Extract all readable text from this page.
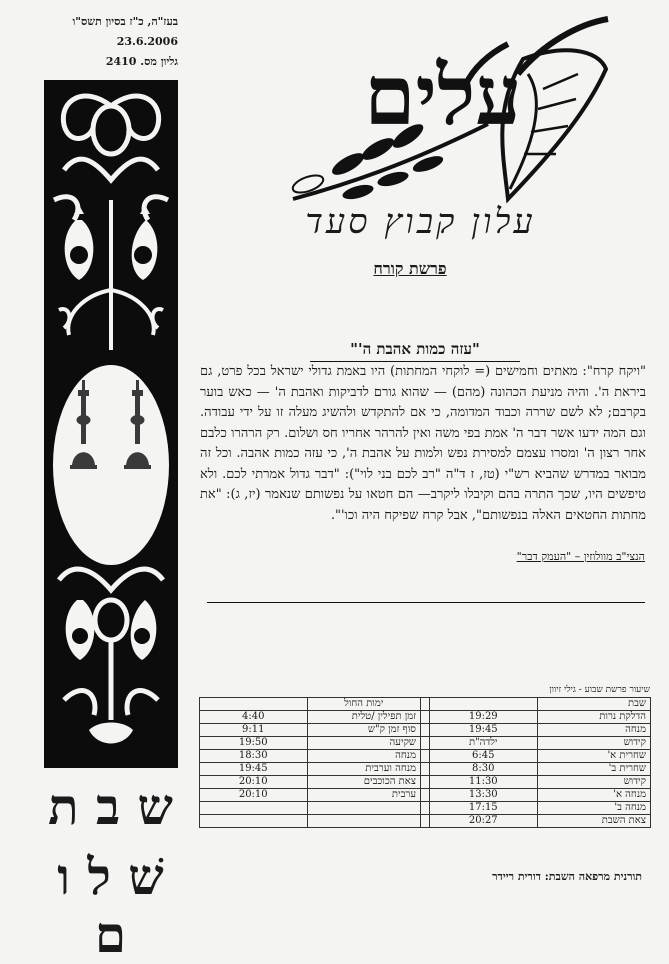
בעז"ה, כ"ז בסיון תשס"ו
23.6.2006
גליון מס. 2410
ש ב ת
שׁ ל ו ם
עלים
עלון קבוץ סעד
פרשת קורח
"עזה כמות אהבת ה'"
"ויקח קרח": מאתים וחמישים (= לוקחי המחתות) היו באמת גדולי ישראל בכל פרט, גם ביראת ה'. והיה מניעת הכהונה (מהם) — שהוא גורם לדביקות ואהבת ה' — כאש בוער בקרבם; לא לשם שררה וכבוד המדומה, כי אם להתקדש ולהשיג מעלה זו על ידי עבודה. וגם המה ידעו אשר דבר ה' אמת בפי משה ואין להרהר אחריו חס ושלום. רק הרהרו כלבם אחר רצון ה' ומסרו עצמם למסירת נפש ולמות על אהבת ה', כי עזה כמות אהבה. וכל זה מבואר במדרש שהביא רש"י (טז, ז ד"ה "רב לכם בני לוי"): "דבר גדול אמרתי לכם. ולא טיפשים היו, שכך התרה בהם וקיבלו ליקרב— הם חטאו על נפשותם שנאמר (יז, ג): "את מחתות החטאים האלה בנפשותם", אבל קרח שפיקח היה וכו'".
הנצי"ב מוולוזין – "העמק דבר"
שיעור פרשת שבוע - גילי זיוון
שבת			ימות החול	
הדלקת נרות	19:29		זמן תפילין /טלית	4:40
מנחה	19:45		סוף זמן ק"ש	9:11
קידוש	ילדה"ת		שקיעה	19:50
שחרית א'	6:45		מנחה	18:30
שחרית ב'	8:30		מנחה וערבית	19:45
קידוש	11:30		צאת הכוכבים	20:10
מנחה א'	13:30		ערבית	20:10
מנחה ב'	17:15			
צאת השבת	20:27			
תורנית מרפאה השבת: דורית ריידר
